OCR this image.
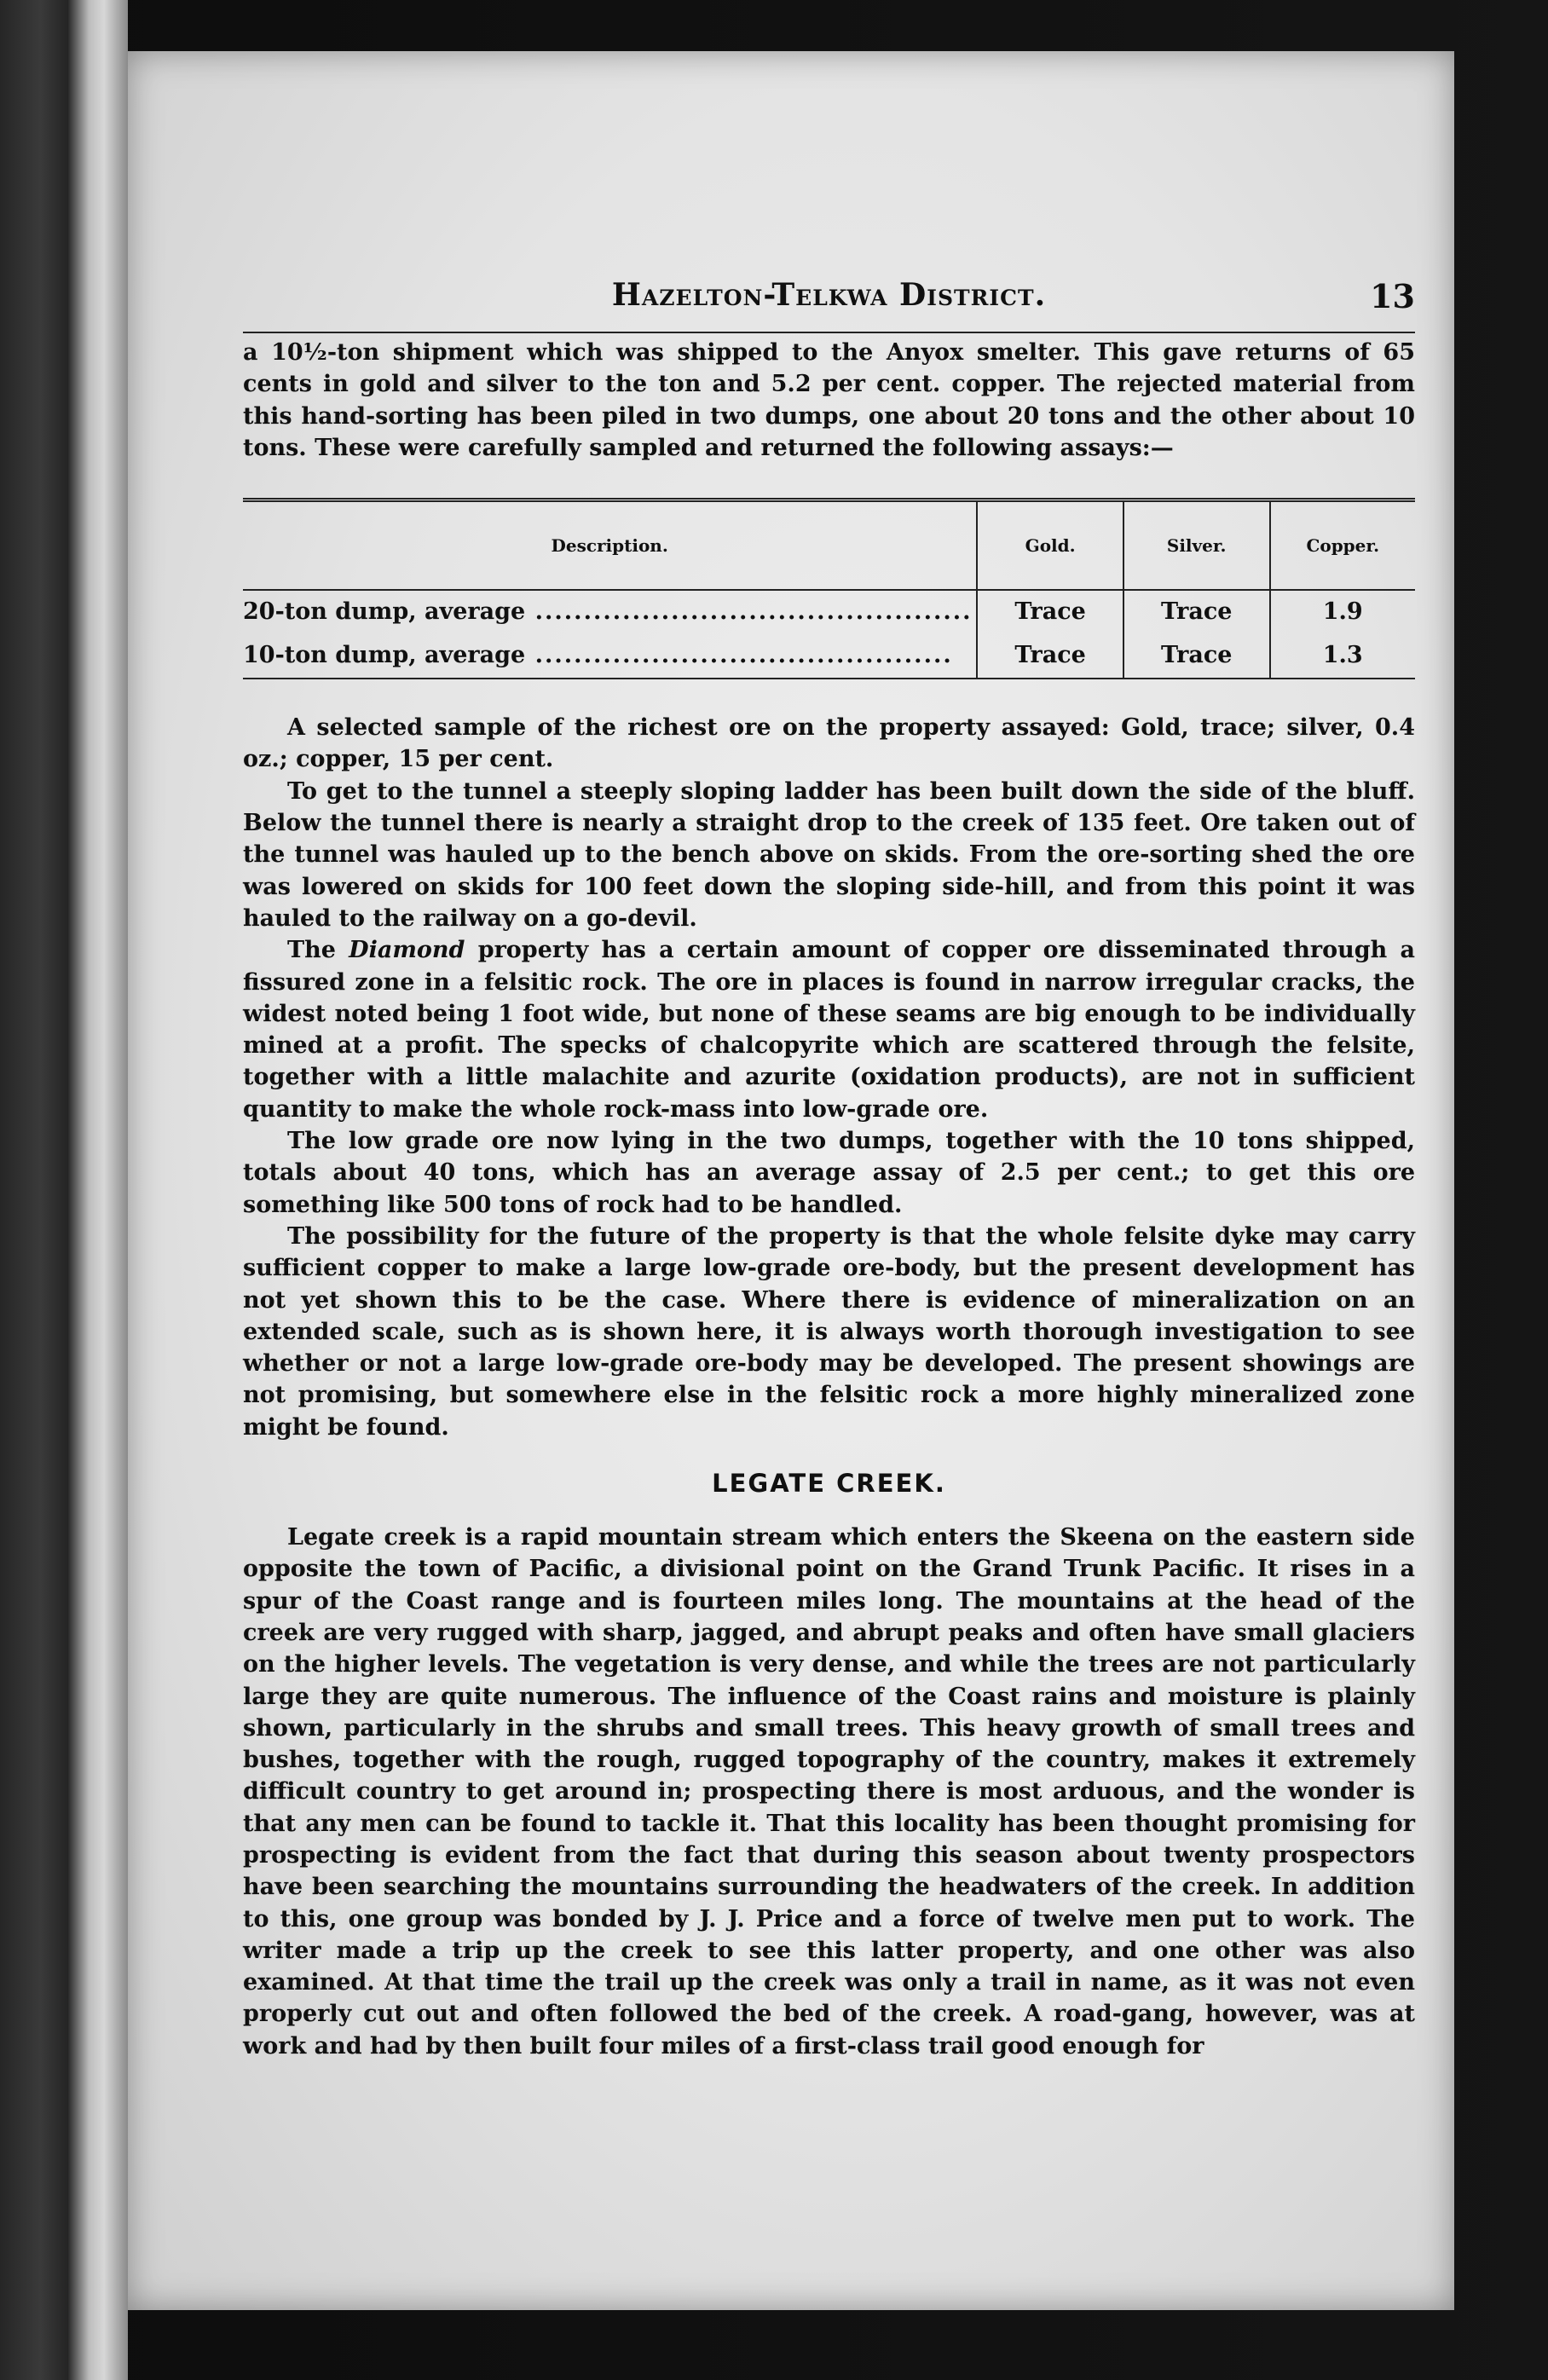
Hazelton-Telkwa District.	13

a 10½-ton shipment which was shipped to the Anyox smelter. This gave returns of 65 cents in gold and silver to the ton and 5.2 per cent. copper. The rejected material from this hand-sorting has been piled in two dumps, one about 20 tons and the other about 10 tons. These were carefully sampled and returned the following assays:—

Description.	Gold.	Silver.	Copper.
20-ton dump, average .............................................	Trace	Trace	1.9
10-ton dump, average ...........................................	Trace	Trace	1.3

A selected sample of the richest ore on the property assayed: Gold, trace; silver, 0.4 oz.; copper, 15 per cent.

To get to the tunnel a steeply sloping ladder has been built down the side of the bluff. Below the tunnel there is nearly a straight drop to the creek of 135 feet. Ore taken out of the tunnel was hauled up to the bench above on skids. From the ore-sorting shed the ore was lowered on skids for 100 feet down the sloping side-hill, and from this point it was hauled to the railway on a go-devil.

The Diamond property has a certain amount of copper ore disseminated through a fissured zone in a felsitic rock. The ore in places is found in narrow irregular cracks, the widest noted being 1 foot wide, but none of these seams are big enough to be individually mined at a profit. The specks of chalcopyrite which are scattered through the felsite, together with a little malachite and azurite (oxidation products), are not in sufficient quantity to make the whole rock-mass into low-grade ore.

The low grade ore now lying in the two dumps, together with the 10 tons shipped, totals about 40 tons, which has an average assay of 2.5 per cent.; to get this ore something like 500 tons of rock had to be handled.

The possibility for the future of the property is that the whole felsite dyke may carry sufficient copper to make a large low-grade ore-body, but the present development has not yet shown this to be the case. Where there is evidence of mineralization on an extended scale, such as is shown here, it is always worth thorough investigation to see whether or not a large low-grade ore-body may be developed. The present showings are not promising, but somewhere else in the felsitic rock a more highly mineralized zone might be found.

LEGATE CREEK.

Legate creek is a rapid mountain stream which enters the Skeena on the eastern side opposite the town of Pacific, a divisional point on the Grand Trunk Pacific. It rises in a spur of the Coast range and is fourteen miles long. The mountains at the head of the creek are very rugged with sharp, jagged, and abrupt peaks and often have small glaciers on the higher levels. The vegetation is very dense, and while the trees are not particularly large they are quite numerous. The influence of the Coast rains and moisture is plainly shown, particularly in the shrubs and small trees. This heavy growth of small trees and bushes, together with the rough, rugged topography of the country, makes it extremely difficult country to get around in; prospecting there is most arduous, and the wonder is that any men can be found to tackle it. That this locality has been thought promising for prospecting is evident from the fact that during this season about twenty prospectors have been searching the mountains surrounding the headwaters of the creek. In addition to this, one group was bonded by J. J. Price and a force of twelve men put to work. The writer made a trip up the creek to see this latter property, and one other was also examined. At that time the trail up the creek was only a trail in name, as it was not even properly cut out and often followed the bed of the creek. A road-gang, however, was at work and had by then built four miles of a first-class trail good enough for
